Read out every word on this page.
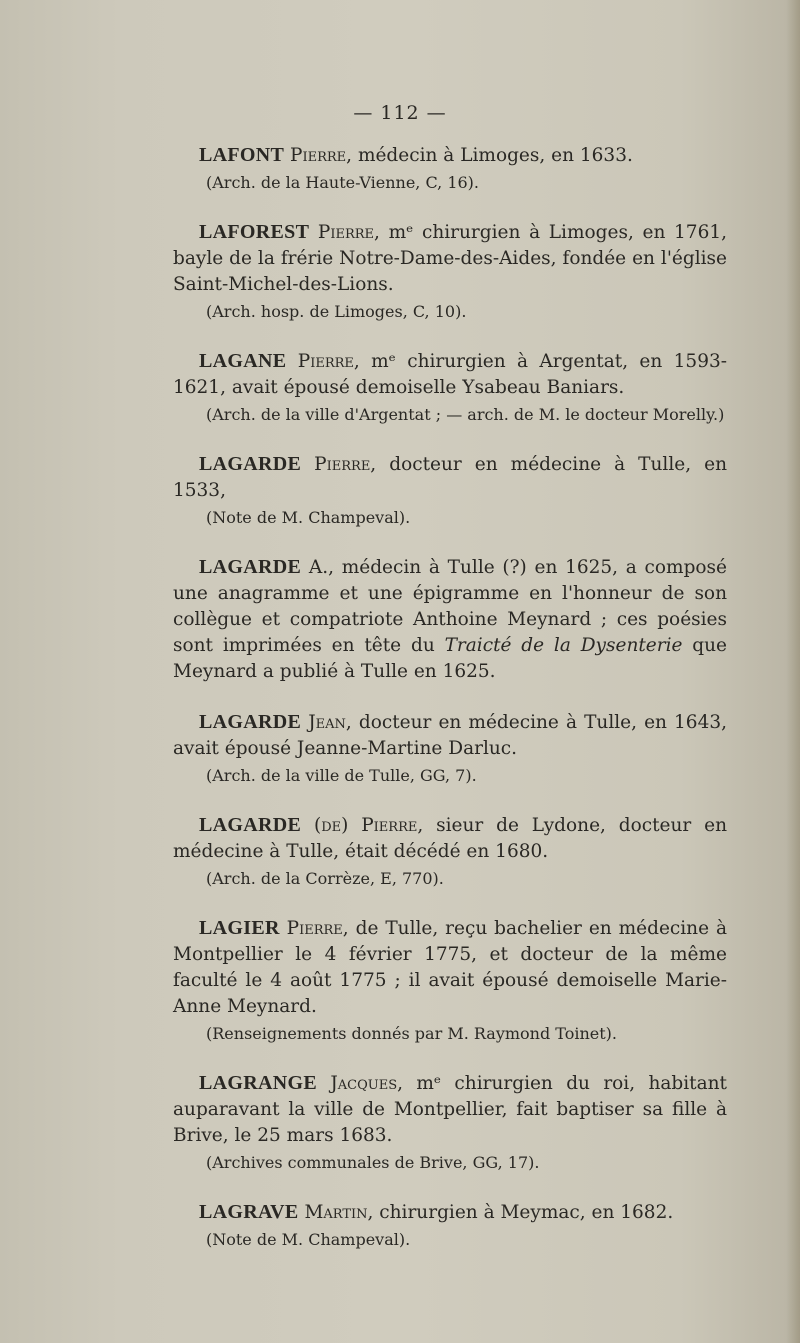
— 112 —

LAFONT Pierre, médecin à Limoges, en 1633.

(Arch. de la Haute-Vienne, C, 16).

LAFOREST Pierre, mᵉ chirurgien à Limoges, en 1761, bayle de la frérie Notre-Dame-des-Aides, fondée en l'église Saint-Michel-des-Lions.

(Arch. hosp. de Limoges, C, 10).

LAGANE Pierre, mᵉ chirurgien à Argentat, en 1593-1621, avait épousé demoiselle Ysabeau Baniars.

(Arch. de la ville d'Argentat ; — arch. de M. le docteur Morelly.)

LAGARDE Pierre, docteur en médecine à Tulle, en 1533,

(Note de M. Champeval).

LAGARDE A., médecin à Tulle (?) en 1625, a composé une anagramme et une épigramme en l'honneur de son collègue et compatriote Anthoine Meynard ; ces poésies sont imprimées en tête du Traicté de la Dysenterie que Meynard a publié à Tulle en 1625.

LAGARDE Jean, docteur en médecine à Tulle, en 1643, avait épousé Jeanne-Martine Darluc.

(Arch. de la ville de Tulle, GG, 7).

LAGARDE (de) Pierre, sieur de Lydone, docteur en médecine à Tulle, était décédé en 1680.

(Arch. de la Corrèze, E, 770).

LAGIER Pierre, de Tulle, reçu bachelier en médecine à Montpellier le 4 février 1775, et docteur de la même faculté le 4 août 1775 ; il avait épousé demoiselle Marie-Anne Meynard.

(Renseignements donnés par M. Raymond Toinet).

LAGRANGE Jacques, mᵉ chirurgien du roi, habitant auparavant la ville de Montpellier, fait baptiser sa fille à Brive, le 25 mars 1683.

(Archives communales de Brive, GG, 17).

LAGRAVE Martin, chirurgien à Meymac, en 1682.

(Note de M. Champeval).
